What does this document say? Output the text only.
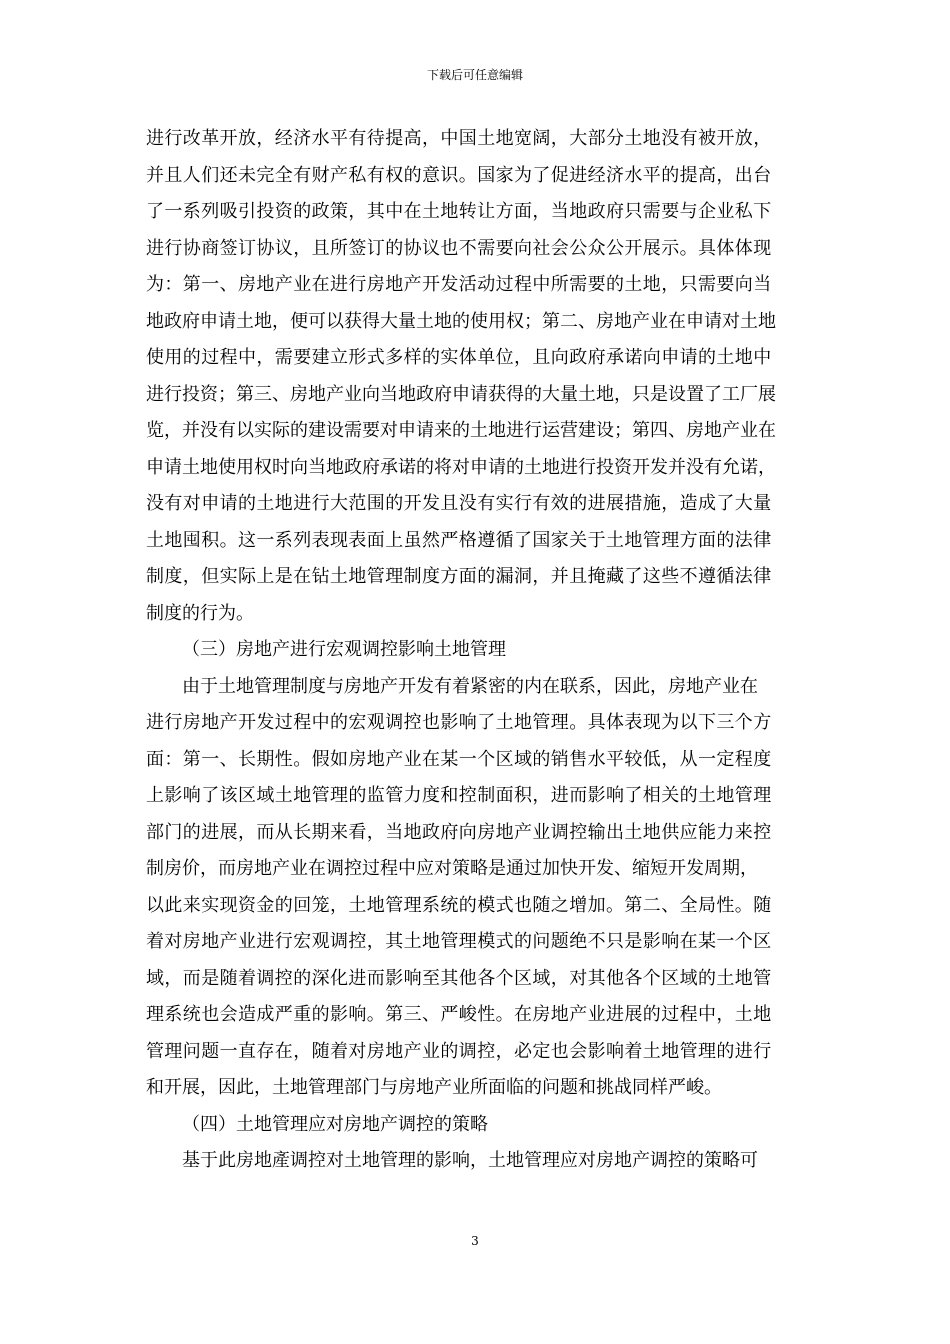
下载后可任意编辑
进行改革开放，经济水平有待提高，中国土地宽阔，大部分土地没有被开放，
并且人们还未完全有财产私有权的意识。国家为了促进经济水平的提高，出台
了一系列吸引投资的政策，其中在土地转让方面，当地政府只需要与企业私下
进行协商签订协议，且所签订的协议也不需要向社会公众公开展示。具体体现
为：第一、房地产业在进行房地产开发活动过程中所需要的土地，只需要向当
地政府申请土地，便可以获得大量土地的使用权；第二、房地产业在申请对土地
使用的过程中，需要建立形式多样的实体单位，且向政府承诺向申请的土地中
进行投资；第三、房地产业向当地政府申请获得的大量土地，只是设置了工厂展
览，并没有以实际的建设需要对申请来的土地进行运营建设；第四、房地产业在
申请土地使用权时向当地政府承诺的将对申请的土地进行投资开发并没有允诺，
没有对申请的土地进行大范围的开发且没有实行有效的进展措施，造成了大量
土地囤积。这一系列表现表面上虽然严格遵循了国家关于土地管理方面的法律
制度，但实际上是在钻土地管理制度方面的漏洞，并且掩藏了这些不遵循法律
制度的行为。
（三）房地产进行宏观调控影响土地管理
由于土地管理制度与房地产开发有着紧密的内在联系，因此，房地产业在
进行房地产开发过程中的宏观调控也影响了土地管理。具体表现为以下三个方
面：第一、长期性。假如房地产业在某一个区域的销售水平较低，从一定程度
上影响了该区域土地管理的监管力度和控制面积，进而影响了相关的土地管理
部门的进展，而从长期来看，当地政府向房地产业调控输出土地供应能力来控
制房价，而房地产业在调控过程中应对策略是通过加快开发、缩短开发周期，
以此来实现资金的回笼，土地管理系统的模式也随之增加。第二、全局性。随
着对房地产业进行宏观调控，其土地管理模式的问题绝不只是影响在某一个区
域，而是随着调控的深化进而影响至其他各个区域，对其他各个区域的土地管
理系统也会造成严重的影响。第三、严峻性。在房地产业进展的过程中，土地
管理问题一直存在，随着对房地产业的调控，必定也会影响着土地管理的进行
和开展，因此，土地管理部门与房地产业所面临的问题和挑战同样严峻。
（四）土地管理应对房地产调控的策略
基于此房地產调控对土地管理的影响，土地管理应对房地产调控的策略可
3
